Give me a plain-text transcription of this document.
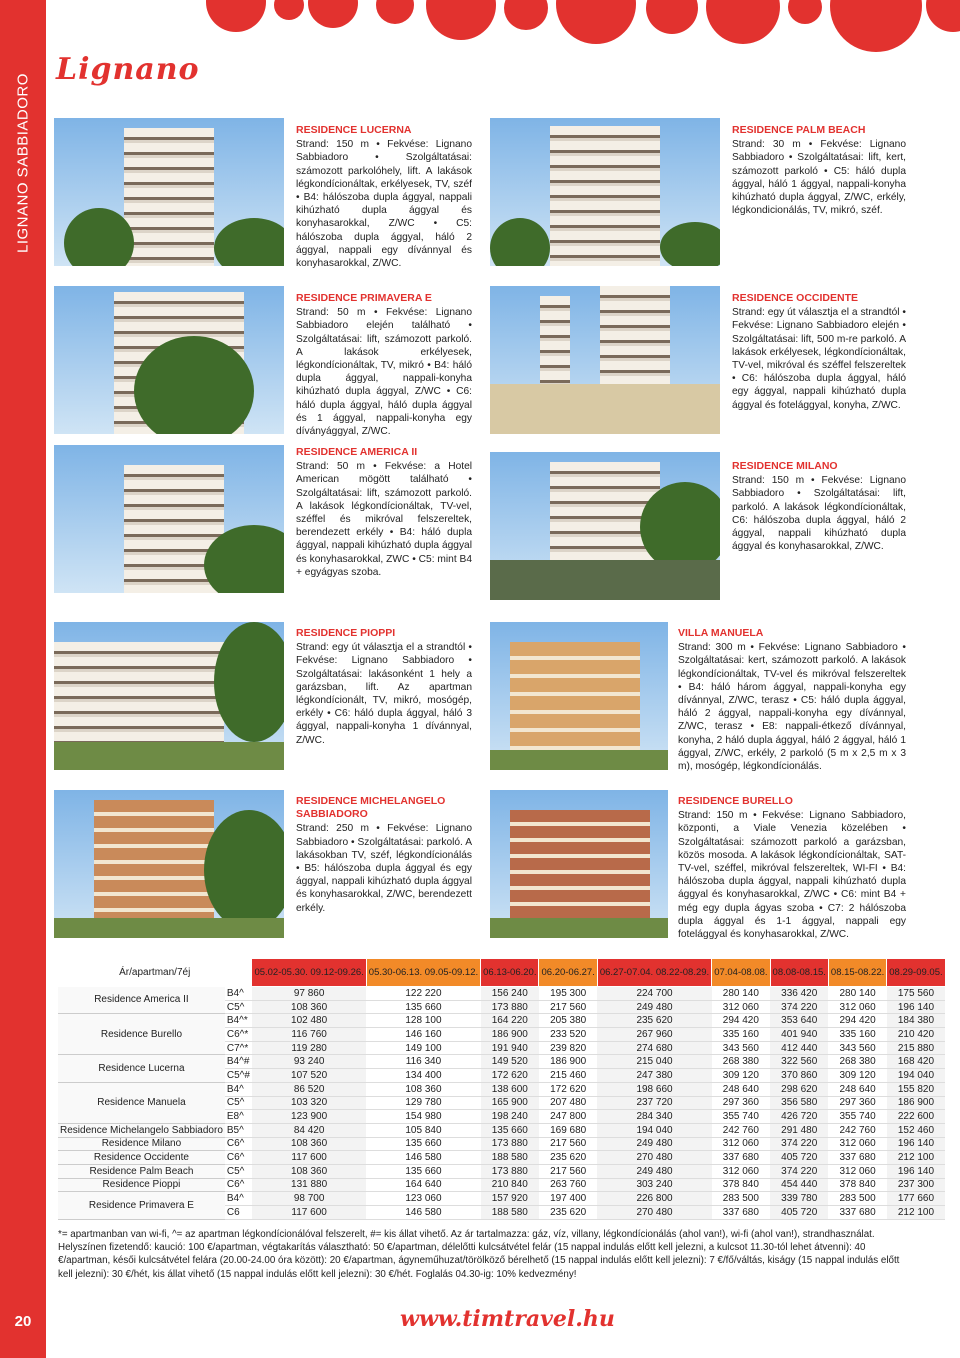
LIGNANO SABBIADORO
20
Lignano
RESIDENCE LUCERNA

Strand: 150 m • Fekvése: Lignano Sabbiadoro • Szolgáltatásai: számozott parkolóhely, lift. A lakások légkondícionáltak, erkélyesek, TV, széf • B4: hálószoba dupla ággyal, nappali kihúzható dupla ággyal és konyhasarokkal, Z/WC • C5: hálószoba dupla ággyal, háló 2 ággyal, nappali egy dívánnyal és konyhasarokkal, Z/WC.

RESIDENCE PALM BEACH

Strand: 30 m • Fekvése: Lignano Sabbiadoro • Szolgáltatásai: lift, kert, számozott parkoló • C5: háló dupla ággyal, háló 1 ággyal, nappali-konyha kihúzható dupla ággyal, Z/WC, erkély, légkondicionálás, TV, mikró, széf.

RESIDENCE PRIMAVERA E

Strand: 50 m • Fekvése: Lignano Sabbiadoro elején található • Szolgáltatásai: lift, számozott parkoló. A lakások erkélyesek, légkondícionáltak, TV, mikró • B4: háló dupla ággyal, nappali-konyha kihúzható dupla ággyal, Z/WC • C6: háló dupla ággyal, háló dupla ággyal és 1 ággyal, nappali-konyha egy díványággyal, Z/WC.

RESIDENCE OCCIDENTE

Strand: egy út választja el a strandtól • Fekvése: Lignano Sabbiadoro elején • Szolgáltatásai: lift, 500 m-re parkoló. A lakások erkélyesek, légkondícionáltak, TV-vel, mikróval és széffel felszereltek • C6: hálószoba dupla ággyal, háló egy ággyal, nappali kihúzható dupla ággyal és fotelággyal, konyha, Z/WC.

RESIDENCE AMERICA II

Strand: 50 m • Fekvése: a Hotel American mögött található • Szolgáltatásai: lift, számozott parkoló. A lakások légkondícionáltak, TV-vel, széffel és mikróval felszereltek, berendezett erkély • B4: háló dupla ággyal, nappali kihúzható dupla ággyal és konyhasarokkal, ZWC • C5: mint B4 + egyágyas szoba.

RESIDENCE MILANO

Strand: 150 m • Fekvése: Lignano Sabbiadoro • Szolgáltatásai: lift, parkoló. A lakások légkondícionáltak, C6: hálószoba dupla ággyal, háló 2 ággyal, nappali kihúzható dupla ággyal és konyhasarokkal, Z/WC.

RESIDENCE PIOPPI

Strand: egy út választja el a strandtól • Fekvése: Lignano Sabbiadoro • Szolgáltatásai: lakásonként 1 hely a garázsban, lift. Az apartman légkondícionált, TV, mikró, mosógép, erkély • C6: háló dupla ággyal, háló 3 ággyal, nappali-konyha 1 dívánnyal, Z/WC.

VILLA MANUELA

Strand: 300 m • Fekvése: Lignano Sabbiadoro • Szolgáltatásai: kert, számozott parkoló. A lakások légkondícionáltak, TV-vel és mikróval felszereltek • B4: háló három ággyal, nappali-konyha egy dívánnyal, Z/WC, terasz • C5: háló dupla ággyal, háló 2 ággyal, nappali-konyha egy dívánnyal, Z/WC, terasz • E8: nappali-étkező dívánnyal, konyha, 2 háló dupla ággyal, háló 2 ággyal, háló 1 ággyal, Z/WC, erkély, 2 parkoló (5 m x 2,5 m x 3 m), mosógép, légkondícionálás.

RESIDENCE MICHELANGELO SABBIADORO

Strand: 250 m • Fekvése: Lignano Sabbiadoro • Szolgáltatásai: parkoló. A lakásokban TV, széf, légkondícionálás • B5: hálószoba dupla ággyal és egy ággyal, nappali kihúzható dupla ággyal és konyhasarokkal, Z/WC, berendezett erkély.

RESIDENCE BURELLO

Strand: 150 m • Fekvése: Lignano Sabbiadoro, központi, a Viale Venezia közelében • Szolgáltatásai: számozott parkoló a garázsban, közös mosoda. A lakások légkondícionáltak, SAT-TV-vel, széffel, mikróval felszereltek, WI-FI • B4: hálószoba dupla ággyal, nappali kihúzható dupla ággyal és konyhasarokkal, Z/WC • C6: mint B4 + még egy dupla ágyas szoba • C7: 2 hálószoba dupla ággyal és 1-1 ággyal, nappali egy fotelággyal és konyhasarokkal, Z/WC.

Ár/apartman/7éj		05.02-05.30. 09.12-09.26.	05.30-06.13. 09.05-09.12.	06.13-06.20.	06.20-06.27.	06.27-07.04. 08.22-08.29.	07.04-08.08.	08.08-08.15.	08.15-08.22.	08.29-09.05.
Residence America II	B4^	97 860	122 220	156 240	195 300	224 700	280 140	336 420	280 140	175 560
	C5^	108 360	135 660	173 880	217 560	249 480	312 060	374 220	312 060	196 140
Residence Burello	B4^*	102 480	128 100	164 220	205 380	235 620	294 420	353 640	294 420	184 380
	C6^*	116 760	146 160	186 900	233 520	267 960	335 160	401 940	335 160	210 420
	C7^*	119 280	149 100	191 940	239 820	274 680	343 560	412 440	343 560	215 880
Residence Lucerna	B4^#	93 240	116 340	149 520	186 900	215 040	268 380	322 560	268 380	168 420
	C5^#	107 520	134 400	172 620	215 460	247 380	309 120	370 860	309 120	194 040
Residence Manuela	B4^	86 520	108 360	138 600	172 620	198 660	248 640	298 620	248 640	155 820
	C5^	103 320	129 780	165 900	207 480	237 720	297 360	356 580	297 360	186 900
	E8^	123 900	154 980	198 240	247 800	284 340	355 740	426 720	355 740	222 600
Residence Michelangelo Sabbiadoro	B5^	84 420	105 840	135 660	169 680	194 040	242 760	291 480	242 760	152 460
Residence Milano	C6^	108 360	135 660	173 880	217 560	249 480	312 060	374 220	312 060	196 140
Residence Occidente	C6^	117 600	146 580	188 580	235 620	270 480	337 680	405 720	337 680	212 100
Residence Palm Beach	C5^	108 360	135 660	173 880	217 560	249 480	312 060	374 220	312 060	196 140
Residence Pioppi	C6^	131 880	164 640	210 840	263 760	303 240	378 840	454 440	378 840	237 300
Residence Primavera E	B4^	98 700	123 060	157 920	197 400	226 800	283 500	339 780	283 500	177 660
	C6	117 600	146 580	188 580	235 620	270 480	337 680	405 720	337 680	212 100
*= apartmanban van wi-fi, ^= az apartman légkondícionálóval felszerelt, #= kis állat vihető. Az ár tartalmazza: gáz, víz, villany, légkondícionálás (ahol van!), wi-fi (ahol van!), strandhasználat. Helyszínen fizetendő: kaució: 100 €/apartman, végtakarítás választható: 50 €/apartman, délelőtti kulcsátvétel felár (15 nappal indulás előtt kell jelezni, a kulcsot 11.30-tól lehet átvenni): 40 €/apartman, késői kulcsátvétel felára (20.00-24.00 óra között): 20 €/apartman, ágyneműhuzat/törölköző bérelhető (15 nappal indulás előtt kell jelezni): 7 €/fő/váltás, kiságy (15 nappal indulás előtt kell jelezni): 30 €/hét, kis állat vihető (15 nappal indulás előtt kell jelezni): 30 €/hét. Foglalás 04.30-ig: 10% kedvezmény!
www.timtravel.hu
